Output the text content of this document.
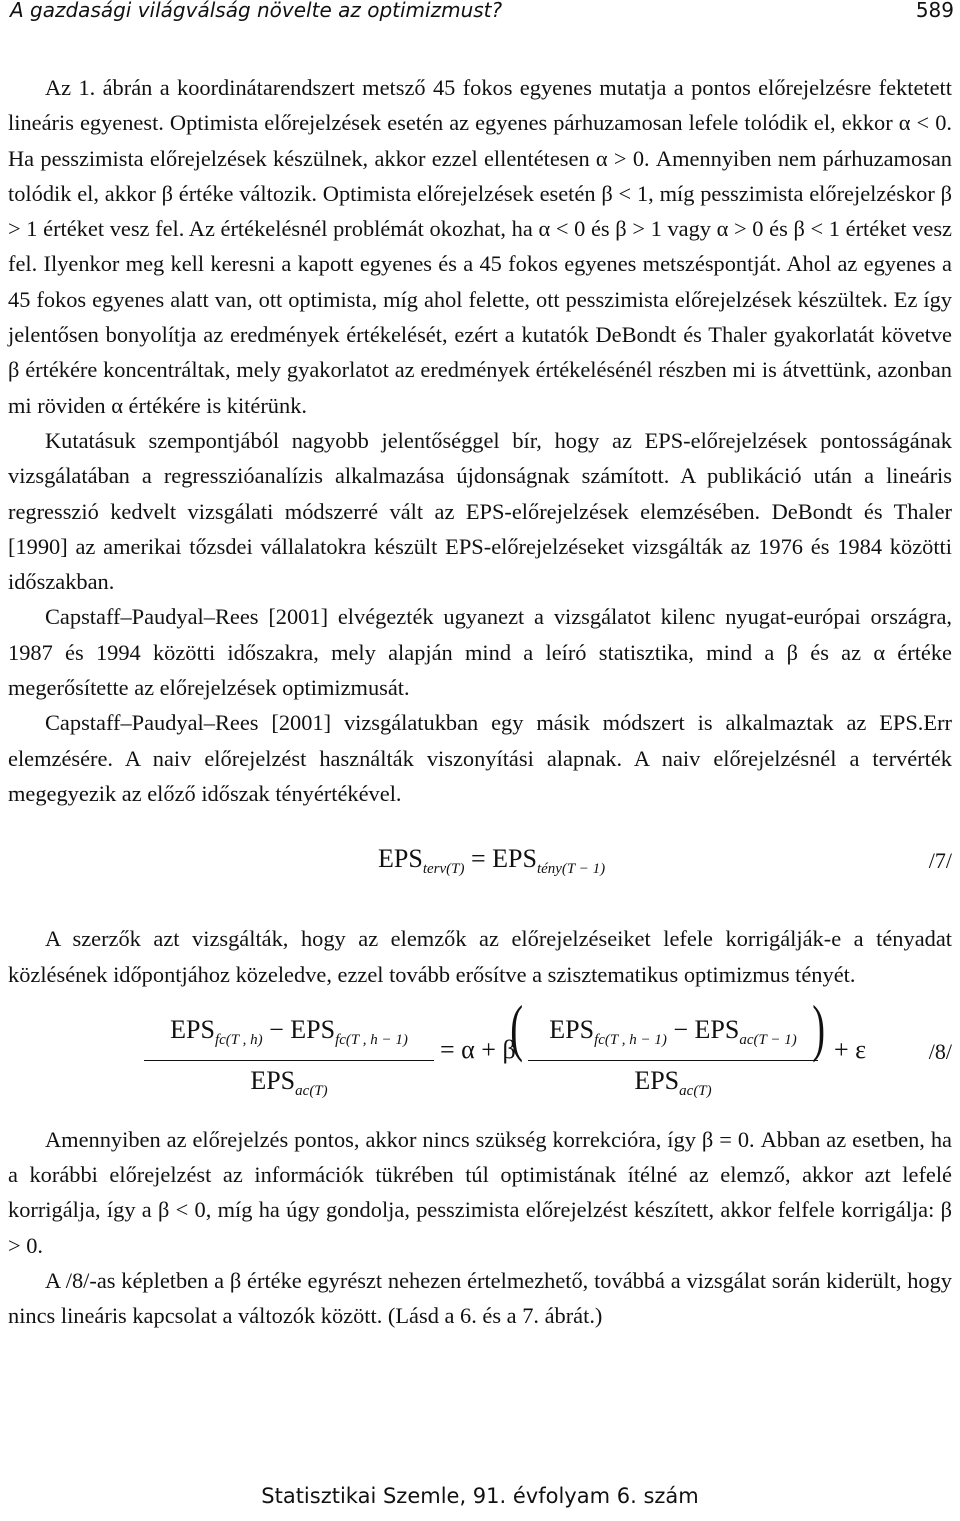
A gazdasági világválság növelte az optimizmust?	589

Az 1. ábrán a koordinátarendszert metsző 45 fokos egyenes mutatja a pontos előrejelzésre fektetett lineáris egyenest. Optimista előrejelzések esetén az egyenes párhuzamosan lefele tolódik el, ekkor α < 0. Ha pesszimista előrejelzések készülnek, akkor ezzel ellentétesen α > 0. Amennyiben nem párhuzamosan tolódik el, akkor β értéke változik. Optimista előrejelzések esetén β < 1, míg pesszimista előrejelzéskor β > 1 értéket vesz fel. Az értékelésnél problémát okozhat, ha α < 0 és β > 1 vagy α > 0 és β < 1 értéket vesz fel. Ilyenkor meg kell keresni a kapott egyenes és a 45 fokos egyenes metszéspontját. Ahol az egyenes a 45 fokos egyenes alatt van, ott optimista, míg ahol felette, ott pesszimista előrejelzések készültek. Ez így jelentősen bonyolítja az eredmények értékelését, ezért a kutatók DeBondt és Thaler gyakorlatát követve β értékére koncentráltak, mely gyakorlatot az eredmények értékelésénél részben mi is átvettünk, azonban mi röviden α értékére is kitérünk.

Kutatásuk szempontjából nagyobb jelentőséggel bír, hogy az EPS-előrejelzések pontosságának vizsgálatában a regresszióanalízis alkalmazása újdonságnak számított. A publikáció után a lineáris regresszió kedvelt vizsgálati módszerré vált az EPS-előrejelzések elemzésében. DeBondt és Thaler [1990] az amerikai tőzsdei vállalatokra készült EPS-előrejelzéseket vizsgálták az 1976 és 1984 közötti időszakban.

Capstaff–Paudyal–Rees [2001] elvégezték ugyanezt a vizsgálatot kilenc nyugat-európai országra, 1987 és 1994 közötti időszakra, mely alapján mind a leíró statisztika, mind a β és az α értéke megerősítette az előrejelzések optimizmusát.

Capstaff–Paudyal–Rees [2001] vizsgálatukban egy másik módszert is alkalmaztak az EPS.Err elemzésére. A naiv előrejelzést használták viszonyítási alapnak. A naiv előrejelzésnél a tervérték megegyezik az előző időszak tényértékével.

$EPS_{terv(T)} = EPS_{tény(T - 1)}$	/7/

A szerzők azt vizsgálták, hogy az elemzők az előrejelzéseiket lefele korrigálják-e a tényadat közlésének időpontjához közeledve, ezzel tovább erősítve a szisztematikus optimizmus tényét.

$EPS_{fc(T , h)} - EPS_{fc(T , h - 1)}$
$EPS_{ac(T)}$
= α + β
(	$EPS_{fc(T , h - 1)} - EPS_{ac(T - 1)}$
$EPS_{ac(T)}$
) + ε	/8/

Amennyiben az előrejelzés pontos, akkor nincs szükség korrekcióra, így β = 0. Abban az esetben, ha a korábbi előrejelzést az információk tükrében túl optimistának ítélné az elemző, akkor azt lefelé korrigálja, így a β < 0, míg ha úgy gondolja, pesszimista előrejelzést készített, akkor felfele korrigálja: β > 0.

A /8/-as képletben a β értéke egyrészt nehezen értelmezhető, továbbá a vizsgálat során kiderült, hogy nincs lineáris kapcsolat a változók között. (Lásd a 6. és a 7. ábrát.)

Statisztikai Szemle, 91. évfolyam 6. szám
